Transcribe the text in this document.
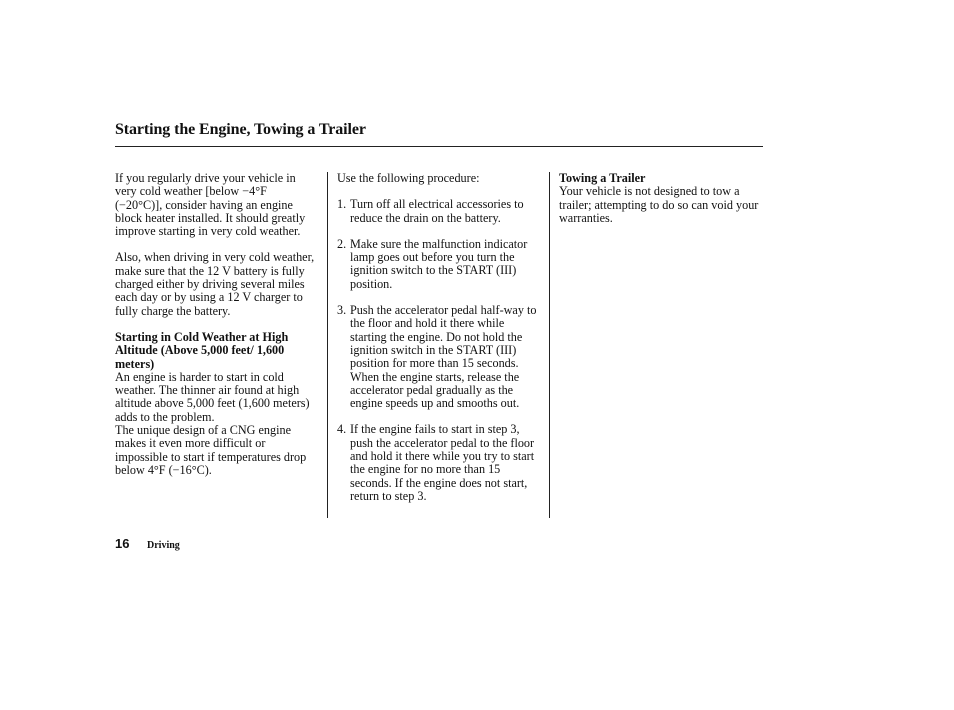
Starting the Engine, Towing a Trailer

If you regularly drive your vehicle in very cold weather [below −4°F (−20°C)], consider having an engine block heater installed. It should greatly improve starting in very cold weather.

Also, when driving in very cold weather, make sure that the 12 V battery is fully charged either by driving several miles each day or by using a 12 V charger to fully charge the battery.

Starting in Cold Weather at High Altitude (Above 5,000 feet/ 1,600 meters)

An engine is harder to start in cold weather. The thinner air found at high altitude above 5,000 feet (1,600 meters) adds to the problem.

The unique design of a CNG engine makes it even more difficult or impossible to start if temperatures drop below 4°F (−16°C).

Use the following procedure:

1. Turn off all electrical accessories to reduce the drain on the battery.
2. Make sure the malfunction indicator lamp goes out before you turn the ignition switch to the START (III) position.
3. Push the accelerator pedal half-way to the floor and hold it there while starting the engine. Do not hold the ignition switch in the START (III) position for more than 15 seconds. When the engine starts, release the accelerator pedal gradually as the engine speeds up and smooths out.
4. If the engine fails to start in step 3, push the accelerator pedal to the floor and hold it there while you try to start the engine for no more than 15 seconds. If the engine does not start, return to step 3.

Towing a Trailer

Your vehicle is not designed to tow a trailer; attempting to do so can void your warranties.

16 Driving
